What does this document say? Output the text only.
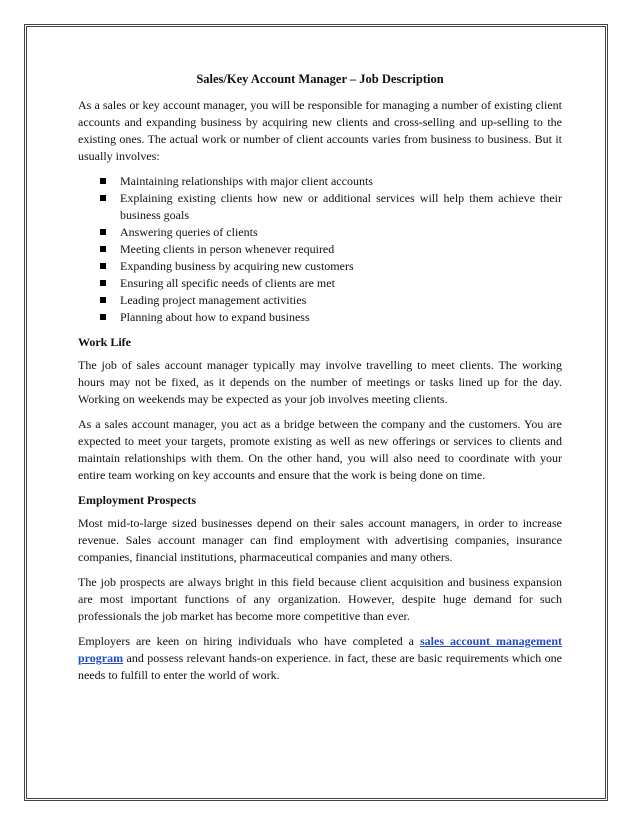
Sales/Key Account Manager – Job Description

As a sales or key account manager, you will be responsible for managing a number of existing client accounts and expanding business by acquiring new clients and cross-selling and up-selling to the existing ones. The actual work or number of client accounts varies from business to business. But it usually involves:

Maintaining relationships with major client accounts
Explaining existing clients how new or additional services will help them achieve their business goals
Answering queries of clients
Meeting clients in person whenever required
Expanding business by acquiring new customers
Ensuring all specific needs of clients are met
Leading project management activities
Planning about how to expand business
Work Life

The job of sales account manager typically may involve travelling to meet clients. The working hours may not be fixed, as it depends on the number of meetings or tasks lined up for the day. Working on weekends may be expected as your job involves meeting clients.

As a sales account manager, you act as a bridge between the company and the customers. You are expected to meet your targets, promote existing as well as new offerings or services to clients and maintain relationships with them. On the other hand, you will also need to coordinate with your entire team working on key accounts and ensure that the work is being done on time.

Employment Prospects

Most mid-to-large sized businesses depend on their sales account managers, in order to increase revenue. Sales account manager can find employment with advertising companies, insurance companies, financial institutions, pharmaceutical companies and many others.

The job prospects are always bright in this field because client acquisition and business expansion are most important functions of any organization. However, despite huge demand for such professionals the job market has become more competitive than ever.

Employers are keen on hiring individuals who have completed a sales account management program and possess relevant hands-on experience. in fact, these are basic requirements which one needs to fulfill to enter the world of work.
